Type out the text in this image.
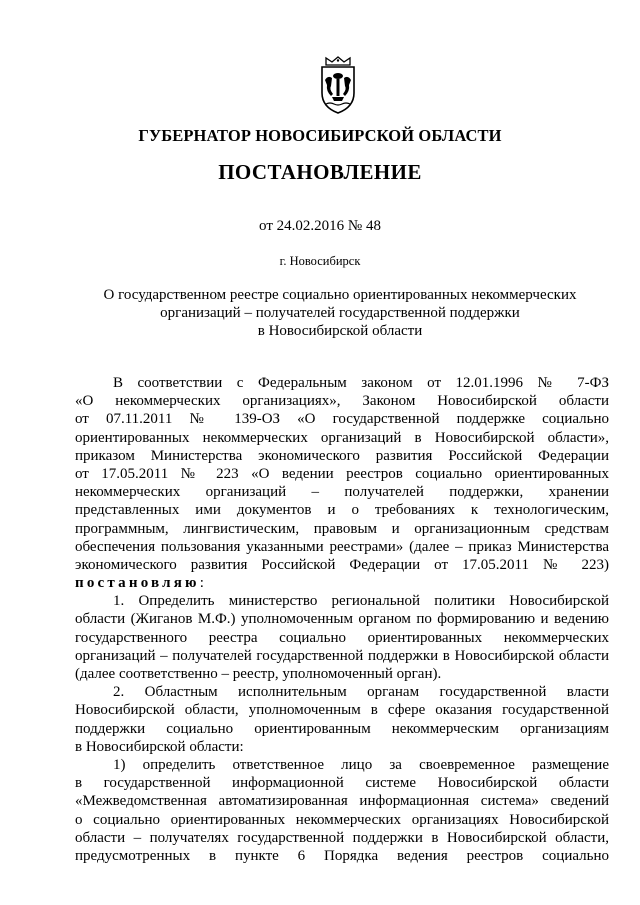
ГУБЕРНАТОР НОВОСИБИРСКОЙ ОБЛАСТИ
ПОСТАНОВЛЕНИЕ
от 24.02.2016 № 48
г. Новосибирск
О государственном реестре социально ориентированных некоммерческих
организаций – получателей государственной поддержки
в Новосибирской области
В соответствии с Федеральным законом от 12.01.1996 № 7-ФЗ
«О некоммерческих организациях», Законом Новосибирской области
от 07.11.2011 № 139-ОЗ «О государственной поддержке социально
ориентированных некоммерческих организаций в Новосибирской области»,
приказом Министерства экономического развития Российской Федерации
от 17.05.2011 № 223 «О ведении реестров социально ориентированных
некоммерческих организаций – получателей поддержки, хранении
представленных ими документов и о требованиях к технологическим,
программным, лингвистическим, правовым и организационным средствам
обеспечения пользования указанными реестрами» (далее – приказ Министерства
экономического развития Российской Федерации от 17.05.2011 № 223)
постановляю:
1. Определить министерство региональной политики Новосибирской
области (Жиганов М.Ф.) уполномоченным органом по формированию и ведению
государственного реестра социально ориентированных некоммерческих
организаций – получателей государственной поддержки в Новосибирской области
(далее соответственно – реестр, уполномоченный орган).
2. Областным исполнительным органам государственной власти
Новосибирской области, уполномоченным в сфере оказания государственной
поддержки социально ориентированным некоммерческим организациям
в Новосибирской области:
1) определить ответственное лицо за своевременное размещение
в государственной информационной системе Новосибирской области
«Межведомственная автоматизированная информационная система» сведений
о социально ориентированных некоммерческих организациях Новосибирской
области – получателях государственной поддержки в Новосибирской области,
предусмотренных в пункте 6 Порядка ведения реестров социально
